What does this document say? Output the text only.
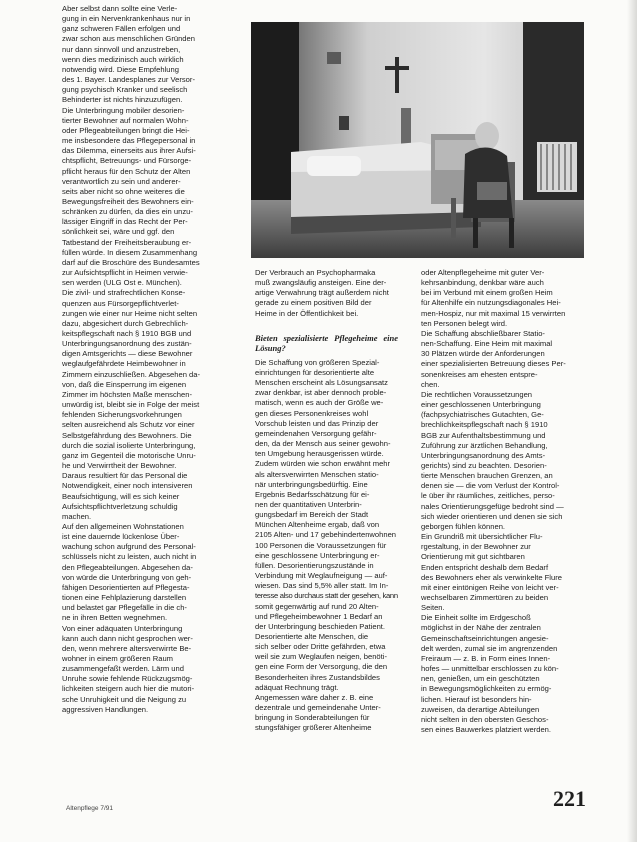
Aber selbst dann sollte eine Verle-
gung in ein Nervenkrankenhaus nur in
ganz schweren Fällen erfolgen und
zwar schon aus menschlichen Gründen
nur dann sinnvoll und anzustreben,
wenn dies medizinisch auch wirklich
notwendig wird. Diese Empfehlung
des 1. Bayer. Landesplanes zur Versor-
gung psychisch Kranker und seelisch
Behinderter ist nichts hinzuzufügen.

Die Unterbringung mobiler desorien-
tierter Bewohner auf normalen Wohn-
oder Pflegeabteilungen bringt die Hei-
me insbesondere das Pflegepersonal in
das Dilemma, einerseits aus ihrer Aufsi-
chtspflicht, Betreuungs- und Fürsorge-
pflicht heraus für den Schutz der Alten
verantwortlich zu sein und anderer-
seits aber nicht so ohne weiteres die
Bewegungsfreiheit des Bewohners ein-
schränken zu dürfen, da dies ein unzu-
lässiger Eingriff in das Recht der Per-
sönlichkeit sei, wäre und ggf. den
Tatbestand der Freiheitsberaubung er-
füllen würde. In diesem Zusammenhang
darf auf die Broschüre des Bundesamtes
zur Aufsichtspflicht in Heimen verwie-
sen werden (ULG Ost e. München).

Die zivil- und strafrechtlichen Konse-
quenzen aus Fürsorgepflichtverlet-
zungen wie einer nur Heime nicht selten
dazu, abgesichert durch Gebrechlich-
keitspflegschaft nach § 1910 BGB und
Unterbringungsanordnung des zustän-
digen Amtsgerichts — diese Bewohner
weglaufgefährdete Heimbewohner in
Zimmern einzuschließen. Abgesehen da-
von, daß die Einsperrung im eigenen
Zimmer im höchsten Maße menschen-
unwürdig ist, bleibt sie in Folge der meist
fehlenden Sicherungsvorkehrungen
selten ausreichend als Schutz vor einer
Selbstgefährdung des Bewohners. Die
durch die sozial isolierte Unterbringung,
ganz im Gegenteil die motorische Unru-
he und Verwirrtheit der Bewohner.
Daraus resultiert für das Personal die
Notwendigkeit, einer noch intensiveren
Beaufsichtigung, will es sich keiner
Aufsichtspflichtverletzung schuldig
machen.

Auf den allgemeinen Wohnstationen
ist eine dauernde lückenlose Über-
wachung schon aufgrund des Personal-
schlüssels nicht zu leisten, auch nicht in
den Pflegeabteilungen. Abgesehen da-
von würde die Unterbringung von geh-
fähigen Desorientierten auf Pflegesta-
tionen eine Fehlplazierung darstellen
und belastet gar Pflegefälle in die ch-
ne in ihren Betten wegnehmen.

Von einer adäquaten Unterbringung
kann auch dann nicht gesprochen wer-
den, wenn mehrere altersverwirrte Be-
wohner in einem größeren Raum
zusammengefaßt werden. Lärm und
Unruhe sowie fehlende Rückzugsmög-
lichkeiten steigern auch hier die mutori-
sche Unruhigkeit und die Neigung zu
aggressiven Handlungen.

Der Verbrauch an Psychopharmaka
muß zwangsläufig ansteigen. Eine der-
artige Verwahrung trägt außerdem nicht
gerade zu einem positiven Bild der
Heime in der Öffentlichkeit bei.

Bieten spezialisierte Pflegeheime eine Lösung?

Die Schaffung von größeren Spezial-
einrichtungen für desorientierte alte
Menschen erscheint als Lösungsansatz
zwar denkbar, ist aber dennoch proble-
matisch, wenn es auch der Größe we-
gen dieses Personenkreises wohl
Vorschub leisten und das Prinzip der
gemeindenahen Versorgung gefähr-
den, da der Mensch aus seiner gewohn-
ten Umgebung herausgerissen würde.
Zudem würden wie schon erwähnt mehr
als altersverwirrten Menschen statio-
när unterbringungsbedürftig. Eine
Ergebnis Bedarfsschätzung für ei-
nen der quantitativen Unterbrin-
gungsbedarf im Bereich der Stadt
München Altenheime ergab, daß von
2105 Alten- und 17 gebehindertenwohnen
100 Personen die Voraussetzungen für
eine geschlossene Unterbringung er-
füllen. Desorientierungszustände in
Verbindung mit Weglaufneigung — auf-
wiesen. Das sind 5,5% aller statt. Im In-
teresse also durchaus statt der gesehen, kann
somit gegenwärtig auf rund 20 Alten-
und Pflegeheimbewohner 1 Bedarf an
der Unterbringung beschieden Patient.

Desorientierte alte Menschen, die
sich selber oder Dritte gefährden, etwa
weil sie zum Weglaufen neigen, benöti-
gen eine Form der Versorgung, die den
Besonderheiten ihres Zustandsbildes
adäquat Rechnung trägt.

Angemessen wäre daher z. B. eine
dezentrale und gemeindenahe Unter-
bringung in Sonderabteilungen für
stungsfähiger größerer Altenheime

oder Altenpflegeheime mit guter Ver-
kehrsanbindung, denkbar wäre auch
bei im Verbund mit einem großen Heim
für Altenhilfe ein nutzungsdiagonales Hei-
men-Hospiz, nur mit maximal 15 verwirrten
ten Personen belegt wird.

Die Schaffung abschließbarer Statio-
nen-Schaffung. Eine Heim mit maximal
30 Plätzen würde der Anforderungen
einer spezialisierten Betreuung dieses Per-
sonenkreises am ehesten entspre-
chen.

Die rechtlichen Voraussetzungen
einer geschlossenen Unterbringung
(fachpsychiatrisches Gutachten, Ge-
brechlichkeitspflegschaft nach § 1910
BGB zur Aufenthaltsbestimmung und
Zuführung zur ärztlichen Behandlung,
Unterbringungsanordnung des Amts-
gerichts) sind zu beachten. Desorien-
tierte Menschen brauchen Grenzen, an
denen sie — die vom Verlust der Kontrol-
le über ihr räumliches, zeitliches, perso-
nales Orientierungsgefüge bedroht sind —
sich wieder orientieren und denen sie sich
geborgen fühlen können.

Ein Grundriß mit übersichtlicher Flu-
rgestaltung, in der Bewohner zur
Orientierung mit gut sichtbaren
Enden entspricht deshalb dem Bedarf
des Bewohners eher als verwinkelte Flure
mit einer eintönigen Reihe von leicht ver-
wechselbaren Zimmertüren zu beiden
Seiten.

Die Einheit sollte im Erdgeschoß
möglichst in der Nähe der zentralen
Gemeinschaftseinrichtungen angesie-
delt werden, zumal sie im angrenzenden
Freiraum — z. B. in Form eines Innen-
hofes — unmittelbar erschlossen zu kön-
nen, genießen, um ein geschützten
in Bewegungsmöglichkeiten zu ermög-
lichen. Hierauf ist besonders hin-
zuweisen, da derartige Abteilungen
nicht selten in den obersten Geschos-
sen eines Bauwerkes platziert werden.

Altenpflege 7/91	221
